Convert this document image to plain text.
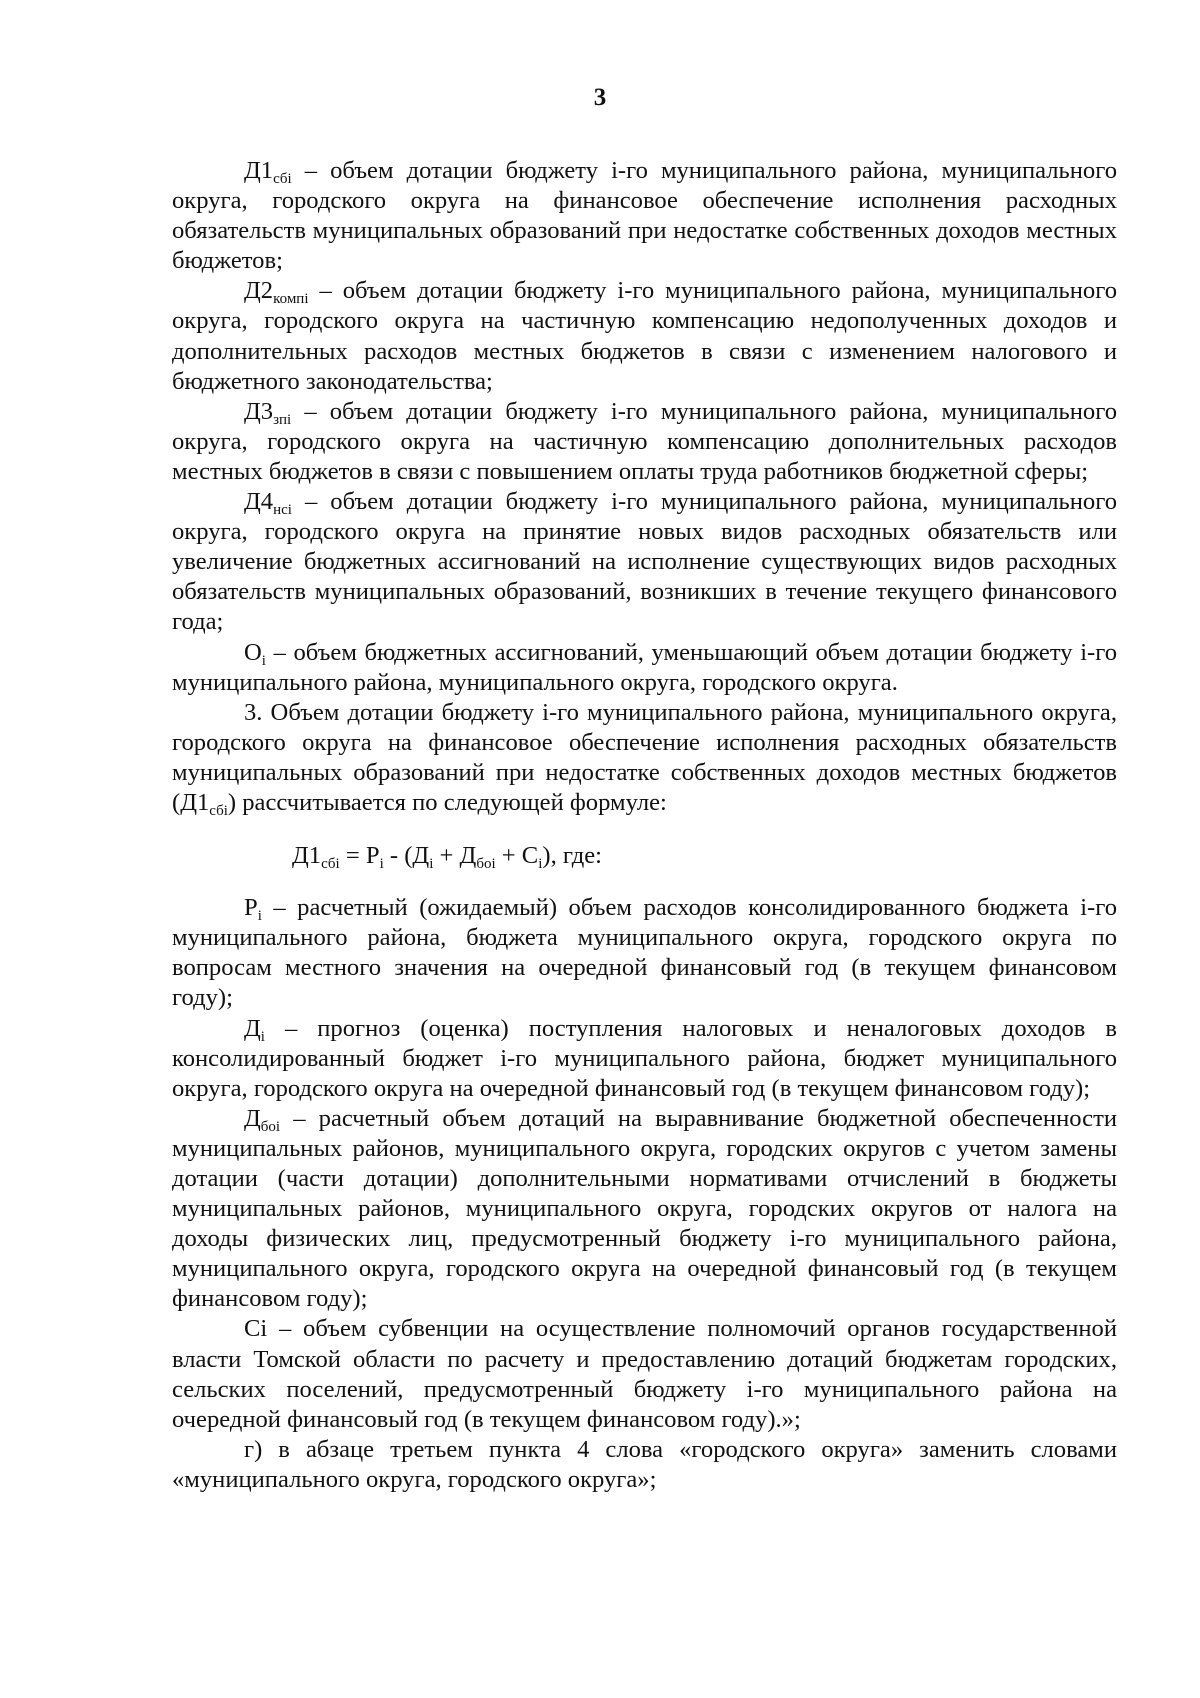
3

$Д1_{сбi}$ – объем дотации бюджету i-го муниципального района, муниципального округа, городского округа на финансовое обеспечение исполнения расходных обязательств муниципальных образований при недостатке собственных доходов местных бюджетов;

$Д2_{компi}$ – объем дотации бюджету i-го муниципального района, муниципального округа, городского округа на частичную компенсацию недополученных доходов и дополнительных расходов местных бюджетов в связи с изменением налогового и бюджетного законодательства;

$Д3_{зпi}$ – объем дотации бюджету i-го муниципального района, муниципального округа, городского округа на частичную компенсацию дополнительных расходов местных бюджетов в связи с повышением оплаты труда работников бюджетной сферы;

$Д4_{нсi}$ – объем дотации бюджету i-го муниципального района, муниципального округа, городского округа на принятие новых видов расходных обязательств или увеличение бюджетных ассигнований на исполнение существующих видов расходных обязательств муниципальных образований, возникших в течение текущего финансового года;

$О_i$ – объем бюджетных ассигнований, уменьшающий объем дотации бюджету i-го муниципального района, муниципального округа, городского округа.

3. Объем дотации бюджету i-го муниципального района, муниципального округа, городского округа на финансовое обеспечение исполнения расходных обязательств муниципальных образований при недостатке собственных доходов местных бюджетов $(Д1_{сбi})$ рассчитывается по следующей формуле:

$Д1_{сбi} = Р_i - (Д_i + Д_{боi} + С_i)$, где:

$Р_i$ – расчетный (ожидаемый) объем расходов консолидированного бюджета i-го муниципального района, бюджета муниципального округа, городского округа по вопросам местного значения на очередной финансовый год (в текущем финансовом году);

$Д_i$ – прогноз (оценка) поступления налоговых и неналоговых доходов в консолидированный бюджет i-го муниципального района, бюджет муниципального округа, городского округа на очередной финансовый год (в текущем финансовом году);

$Д_{боi}$ – расчетный объем дотаций на выравнивание бюджетной обеспеченности муниципальных районов, муниципального округа, городских округов с учетом замены дотации (части дотации) дополнительными нормативами отчислений в бюджеты муниципальных районов, муниципального округа, городских округов от налога на доходы физических лиц, предусмотренный бюджету i-го муниципального района, муниципального округа, городского округа на очередной финансовый год (в текущем финансовом году);

Сi – объем субвенции на осуществление полномочий органов государственной власти Томской области по расчету и предоставлению дотаций бюджетам городских, сельских поселений, предусмотренный бюджету i-го муниципального района на очередной финансовый год (в текущем финансовом году).»;

г) в абзаце третьем пункта 4 слова «городского округа» заменить словами «муниципального округа, городского округа»;
